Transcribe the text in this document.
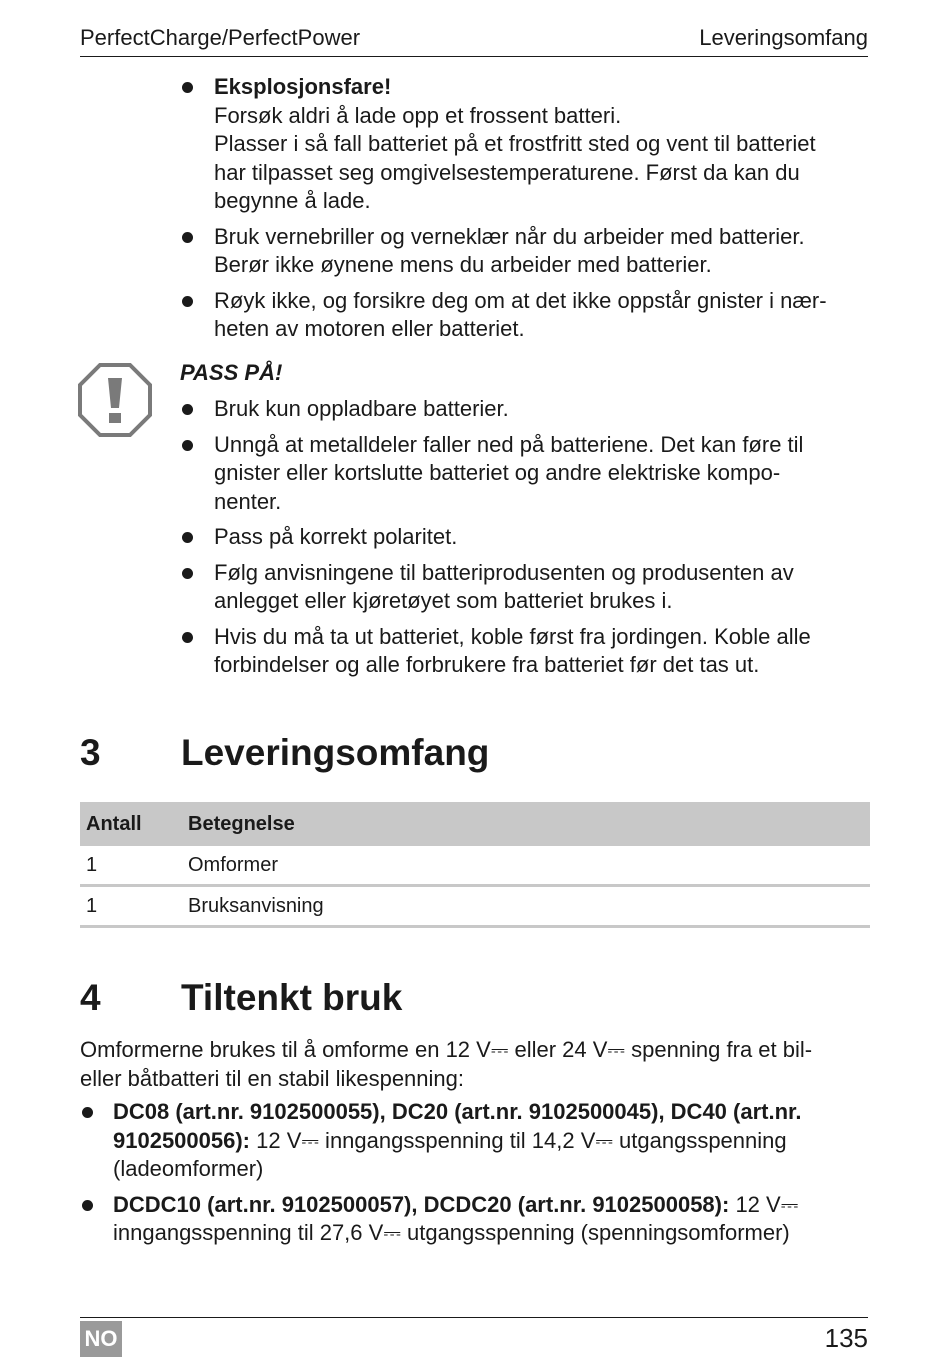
PerfectCharge/PerfectPower	Leveringsomfang
Eksplosjonsfare!
Forsøk aldri å lade opp et frossent batteri.
Plasser i så fall batteriet på et frostfritt sted og vent til batteriet
har tilpasset seg omgivelsestemperaturene. Først da kan du
begynne å lade.
Bruk vernebriller og verneklær når du arbeider med batterier.
Berør ikke øynene mens du arbeider med batterier.
Røyk ikke, og forsikre deg om at det ikke oppstår gnister i nær-
heten av motoren eller batteriet.
PASS PÅ!
Bruk kun oppladbare batterier.
Unngå at metalldeler faller ned på batteriene. Det kan føre til
gnister eller kortslutte batteriet og andre elektriske kompo-
nenter.
Pass på korrekt polaritet.
Følg anvisningene til batteriprodusenten og produsenten av
anlegget eller kjøretøyet som batteriet brukes i.
Hvis du må ta ut batteriet, koble først fra jordingen. Koble alle
forbindelser og alle forbrukere fra batteriet før det tas ut.
3 Leveringsomfang
Antall	Betegnelse
1	Omformer
1	Bruksanvisning
4 Tiltenkt bruk
Omformerne brukes til å omforme en 12 V⎓ eller 24 V⎓ spenning fra et bil-
eller båtbatteri til en stabil likespenning:
DC08 (art.nr. 9102500055), DC20 (art.nr. 9102500045), DC40 (art.nr.
9102500056): 12 V⎓ inngangsspenning til 14,2 V⎓ utgangsspenning
(ladeomformer)
DCDC10 (art.nr. 9102500057), DCDC20 (art.nr. 9102500058): 12 V⎓
inngangsspenning til 27,6 V⎓ utgangsspenning (spenningsomformer)
NO	135
